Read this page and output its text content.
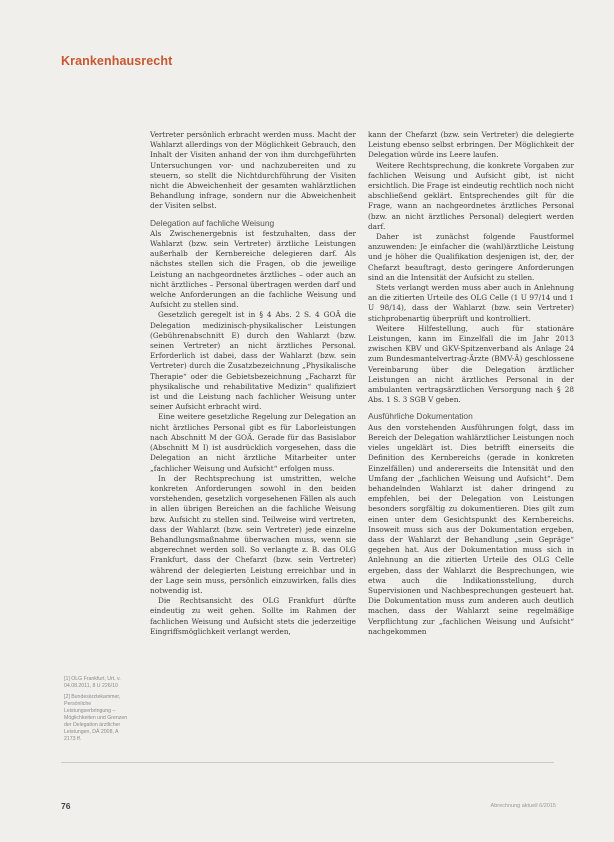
Krankenhausrecht

Vertreter persönlich erbracht werden muss. Macht der Wahlarzt allerdings von der Möglichkeit Gebrauch, den Inhalt der Visiten anhand der von ihm durchgeführten Untersuchungen vor- und nachzubereiten und zu steuern, so stellt die Nichtdurchführung der Visiten nicht die Abweichenheit der gesamten wahlärztlichen Behandlung infrage, sondern nur die Abweichenheit der Visiten selbst.

Delegation auf fachliche Weisung

Als Zwischenergebnis ist festzuhalten, dass der Wahlarzt (bzw. sein Vertreter) ärztliche Leistungen außerhalb der Kernbereiche delegieren darf. Als nächstes stellen sich die Fragen, ob die jeweilige Leistung an nachgeordnetes ärztliches – oder auch an nicht ärztliches – Personal übertragen werden darf und welche Anforderungen an die fachliche Weisung und Aufsicht zu stellen sind.

Gesetzlich geregelt ist in § 4 Abs. 2 S. 4 GOÄ die Delegation medizinisch-physikalischer Leistungen (Gebührenabschnitt E) durch den Wahlarzt (bzw. seinen Vertreter) an nicht ärztliches Personal. Erforderlich ist dabei, dass der Wahlarzt (bzw. sein Vertreter) durch die Zusatzbezeichnung „Physikalische Therapie“ oder die Gebietsbezeichnung „Facharzt für physikalische und rehabilitative Medizin“ qualifiziert ist und die Leistung nach fachlicher Weisung unter seiner Aufsicht erbracht wird.

Eine weitere gesetzliche Regelung zur Delegation an nicht ärztliches Personal gibt es für Laborleistungen nach Abschnitt M der GOÄ. Gerade für das Basislabor (Abschnitt M I) ist ausdrücklich vorgesehen, dass die Delegation an nicht ärztliche Mitarbeiter unter „fachlicher Weisung und Aufsicht“ erfolgen muss.

In der Rechtsprechung ist umstritten, welche konkreten Anforderungen sowohl in den beiden vorstehenden, gesetzlich vorgesehenen Fällen als auch in allen übrigen Bereichen an die fachliche Weisung bzw. Aufsicht zu stellen sind. Teilweise wird vertreten, dass der Wahlarzt (bzw. sein Vertreter) jede einzelne Behandlungsmaßnahme überwachen muss, wenn sie abgerechnet werden soll. So verlangte z. B. das OLG Frankfurt, dass der Chefarzt (bzw. sein Vertreter) während der delegierten Leistung erreichbar und in der Lage sein muss, persönlich einzuwirken, falls dies notwendig ist.

Die Rechtsansicht des OLG Frankfurt dürfte eindeutig zu weit gehen. Sollte im Rahmen der fachlichen Weisung und Aufsicht stets die jederzeitige Eingriffsmöglichkeit verlangt werden,

kann der Chefarzt (bzw. sein Vertreter) die delegierte Leistung ebenso selbst erbringen. Der Möglichkeit der Delegation würde ins Leere laufen.

Weitere Rechtsprechung, die konkrete Vorgaben zur fachlichen Weisung und Aufsicht gibt, ist nicht ersichtlich. Die Frage ist eindeutig rechtlich noch nicht abschließend geklärt. Entsprechendes gilt für die Frage, wann an nachgeordnetes ärztliches Personal (bzw. an nicht ärztliches Personal) delegiert werden darf.

Daher ist zunächst folgende Faustformel anzuwenden: Je einfacher die (wahl)ärztliche Leistung und je höher die Qualifikation desjenigen ist, der, der Chefarzt beauftragt, desto geringere Anforderungen sind an die Intensität der Aufsicht zu stellen.

Stets verlangt werden muss aber auch in Anlehnung an die zitierten Urteile des OLG Celle (1 U 97/14 und 1 U 98/14), dass der Wahlarzt (bzw. sein Vertreter) stichprobenartig überprüft und kontrolliert.

Weitere Hilfestellung, auch für stationäre Leistungen, kann im Einzelfall die im Jahr 2013 zwischen KBV und GKV-Spitzenverband als Anlage 24 zum Bundesmantelvertrag-Ärzte (BMV-Ä) geschlossene Vereinbarung über die Delegation ärztlicher Leistungen an nicht ärztliches Personal in der ambulanten vertragsärztlichen Versorgung nach § 28 Abs. 1 S. 3 SGB V geben.

Ausführliche Dokumentation

Aus den vorstehenden Ausführungen folgt, dass im Bereich der Delegation wahlärztlicher Leistungen noch vieles ungeklärt ist. Dies betrifft einerseits die Definition des Kernbereichs (gerade in konkreten Einzelfällen) und andererseits die Intensität und den Umfang der „fachlichen Weisung und Aufsicht“. Dem behandelnden Wahlarzt ist daher dringend zu empfehlen, bei der Delegation von Leistungen besonders sorgfältig zu dokumentieren. Dies gilt zum einen unter dem Gesichtspunkt des Kernbereichs. Insoweit muss sich aus der Dokumentation ergeben, dass der Wahlarzt der Behandlung „sein Gepräge“ gegeben hat. Aus der Dokumentation muss sich in Anlehnung an die zitierten Urteile des OLG Celle ergeben, dass der Wahlarzt die Besprechungen, wie etwa auch die Indikationsstellung, durch Supervisionen und Nachbesprechungen gesteuert hat. Die Dokumentation muss zum anderen auch deutlich machen, dass der Wahlarzt seine regelmäßige Verpflichtung zur „fachlichen Weisung und Aufsicht“ nachgekommen

[1] OLG Frankfurt, Urt. v. 04.08.2011, 8 U 226/10
[2] Bundesärztekammer, Persönliche Leistungserbringung – Möglichkeiten und Grenzen der Delegation ärztlicher Leistungen, DÄ 2008, A 2173 ff.
76	Abrechnung aktuell 6/2015
